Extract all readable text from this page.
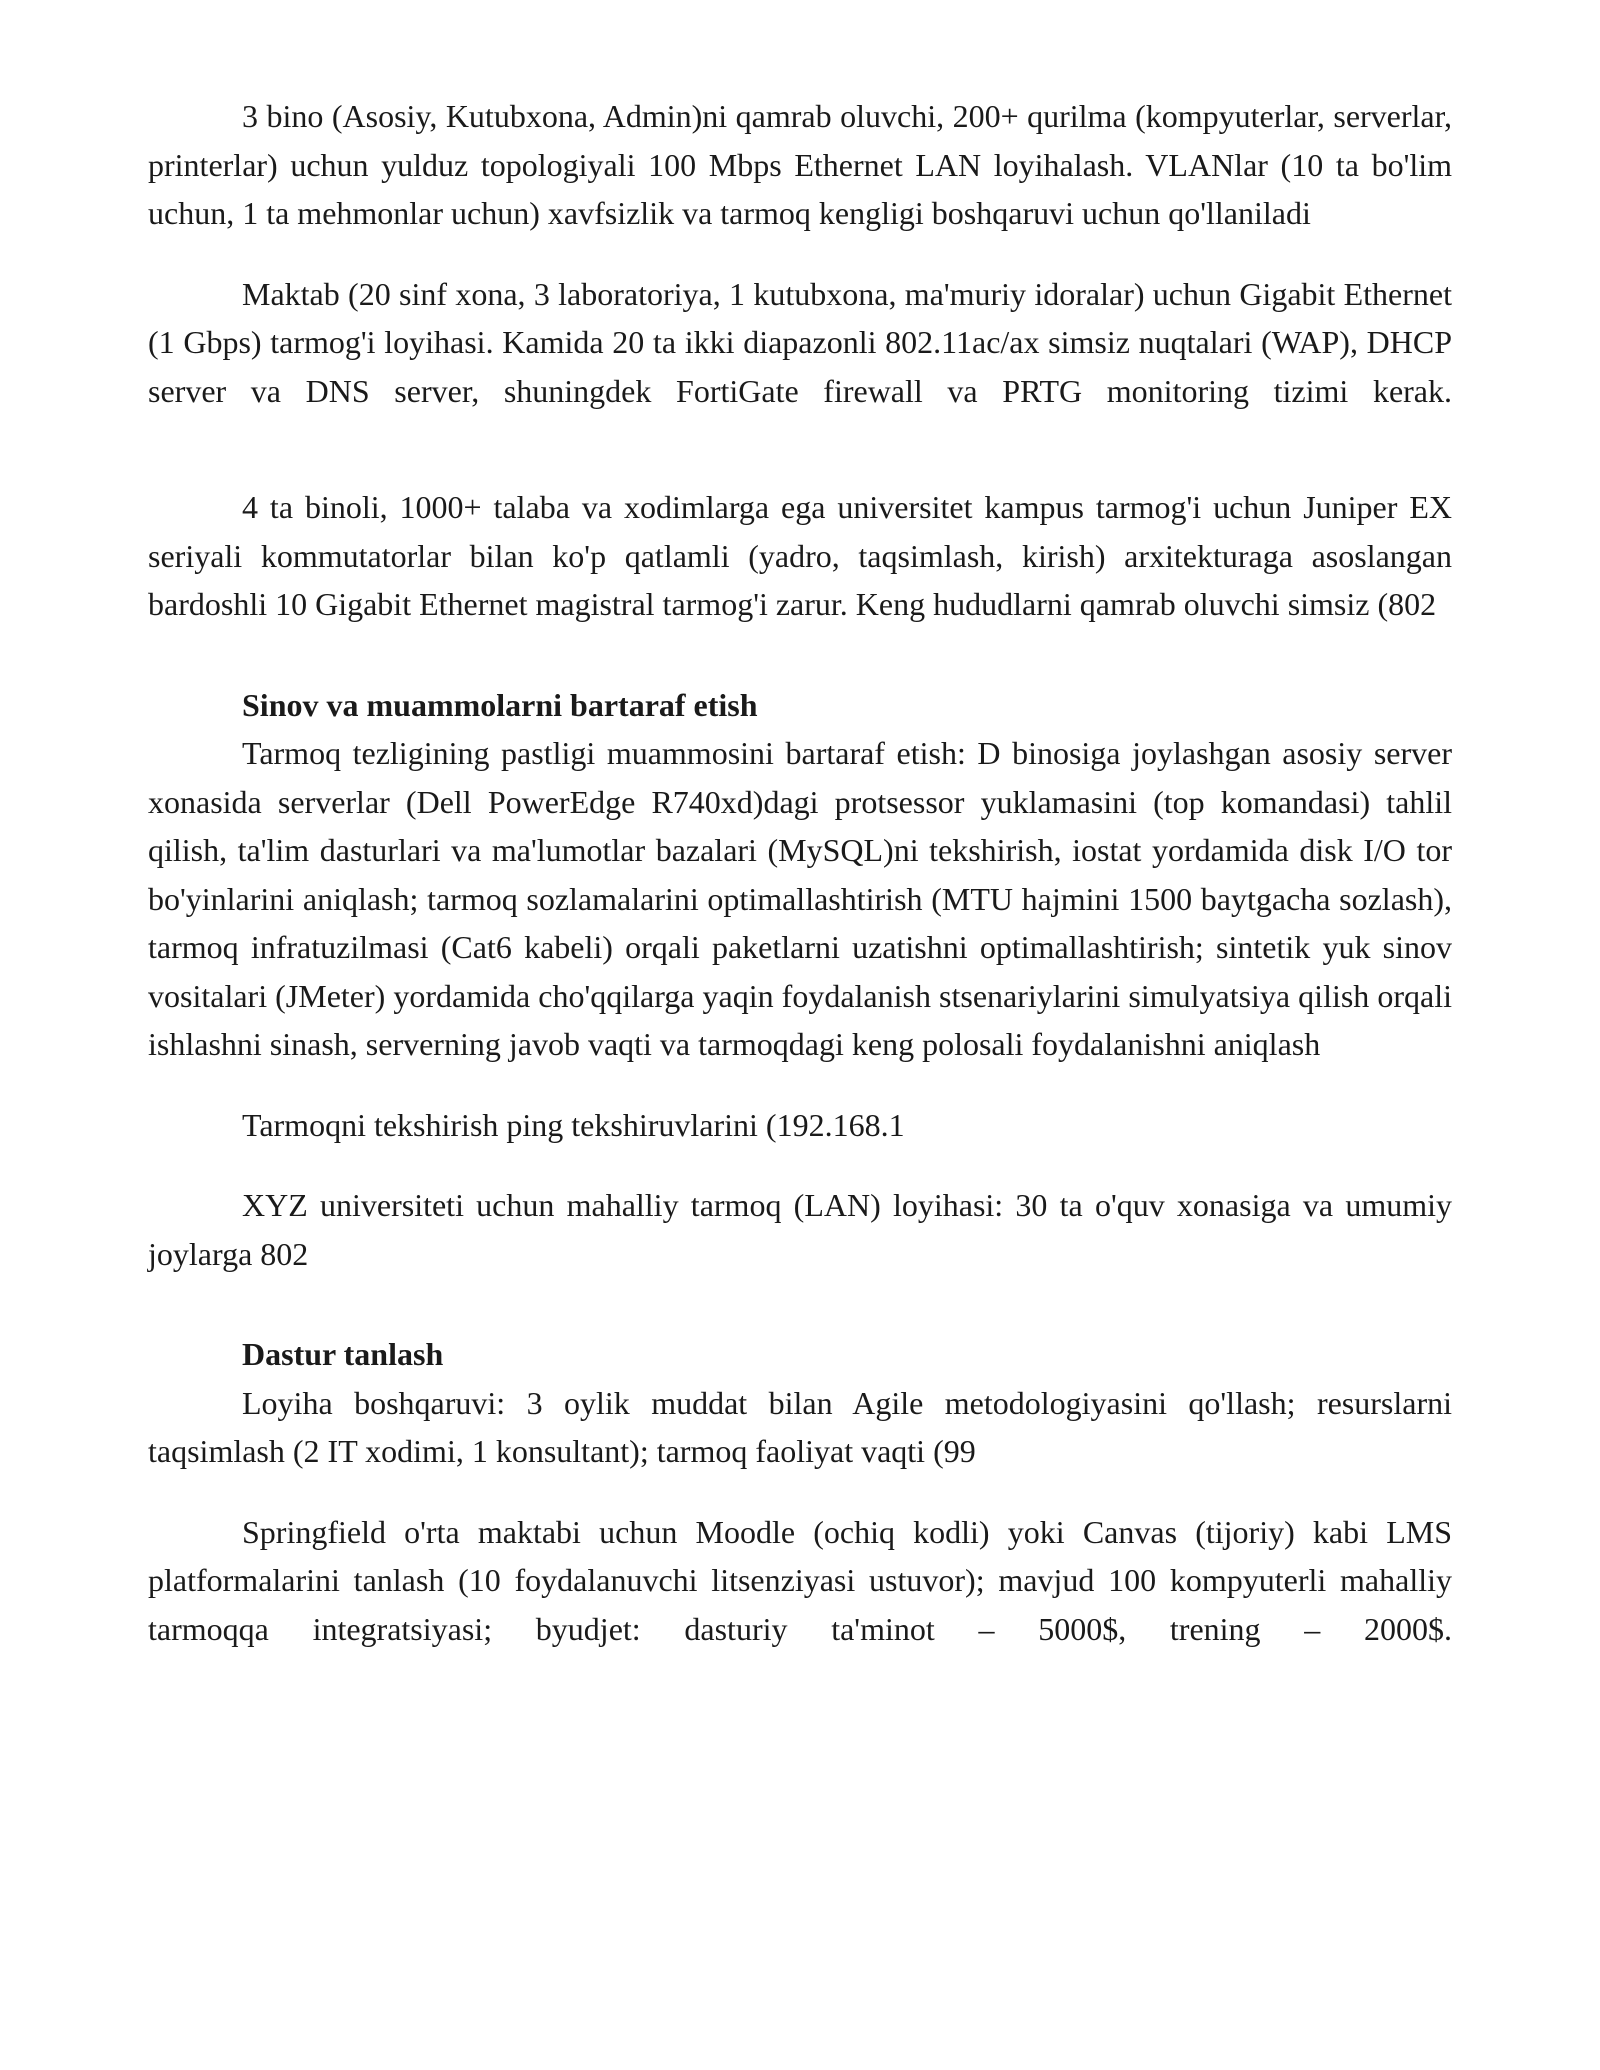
3 bino (Asosiy, Kutubxona, Admin)ni qamrab oluvchi, 200+ qurilma (kompyuterlar, serverlar, printerlar) uchun yulduz topologiyali 100 Mbps Ethernet LAN loyihalash. VLANlar (10 ta bo'lim uchun, 1 ta mehmonlar uchun) xavfsizlik va tarmoq kengligi boshqaruvi uchun qo'llaniladi

Maktab (20 sinf xona, 3 laboratoriya, 1 kutubxona, ma'muriy idoralar) uchun Gigabit Ethernet (1 Gbps) tarmog'i loyihasi. Kamida 20 ta ikki diapazonli 802.11ac/ax simsiz nuqtalari (WAP), DHCP server va DNS server, shuningdek FortiGate firewall va PRTG monitoring tizimi kerak.

4 ta binoli, 1000+ talaba va xodimlarga ega universitet kampus tarmog'i uchun Juniper EX seriyali kommutatorlar bilan ko'p qatlamli (yadro, taqsimlash, kirish) arxitekturaga asoslangan bardoshli 10 Gigabit Ethernet magistral tarmog'i zarur. Keng hududlarni qamrab oluvchi simsiz (802

Sinov va muammolarni bartaraf etish

Tarmoq tezligining pastligi muammosini bartaraf etish: D binosiga joylashgan asosiy server xonasida serverlar (Dell PowerEdge R740xd)dagi protsessor yuklamasini (top komandasi) tahlil qilish, ta'lim dasturlari va ma'lumotlar bazalari (MySQL)ni tekshirish, iostat yordamida disk I/O tor bo'yinlarini aniqlash; tarmoq sozlamalarini optimallashtirish (MTU hajmini 1500 baytgacha sozlash), tarmoq infratuzilmasi (Cat6 kabeli) orqali paketlarni uzatishni optimallashtirish; sintetik yuk sinov vositalari (JMeter) yordamida cho'qqilarga yaqin foydalanish stsenariylarini simulyatsiya qilish orqali ishlashni sinash, serverning javob vaqti va tarmoqdagi keng polosali foydalanishni aniqlash

Tarmoqni tekshirish ping tekshiruvlarini (192.168.1

XYZ universiteti uchun mahalliy tarmoq (LAN) loyihasi: 30 ta o'quv xonasiga va umumiy joylarga 802

Dastur tanlash

Loyiha boshqaruvi: 3 oylik muddat bilan Agile metodologiyasini qo'llash; resurslarni taqsimlash (2 IT xodimi, 1 konsultant); tarmoq faoliyat vaqti (99

Springfield o'rta maktabi uchun Moodle (ochiq kodli) yoki Canvas (tijoriy) kabi LMS platformalarini tanlash (10 foydalanuvchi litsenziyasi ustuvor); mavjud 100 kompyuterli mahalliy tarmoqqa integratsiyasi; byudjet: dasturiy ta'minot – 5000$, trening – 2000$.
